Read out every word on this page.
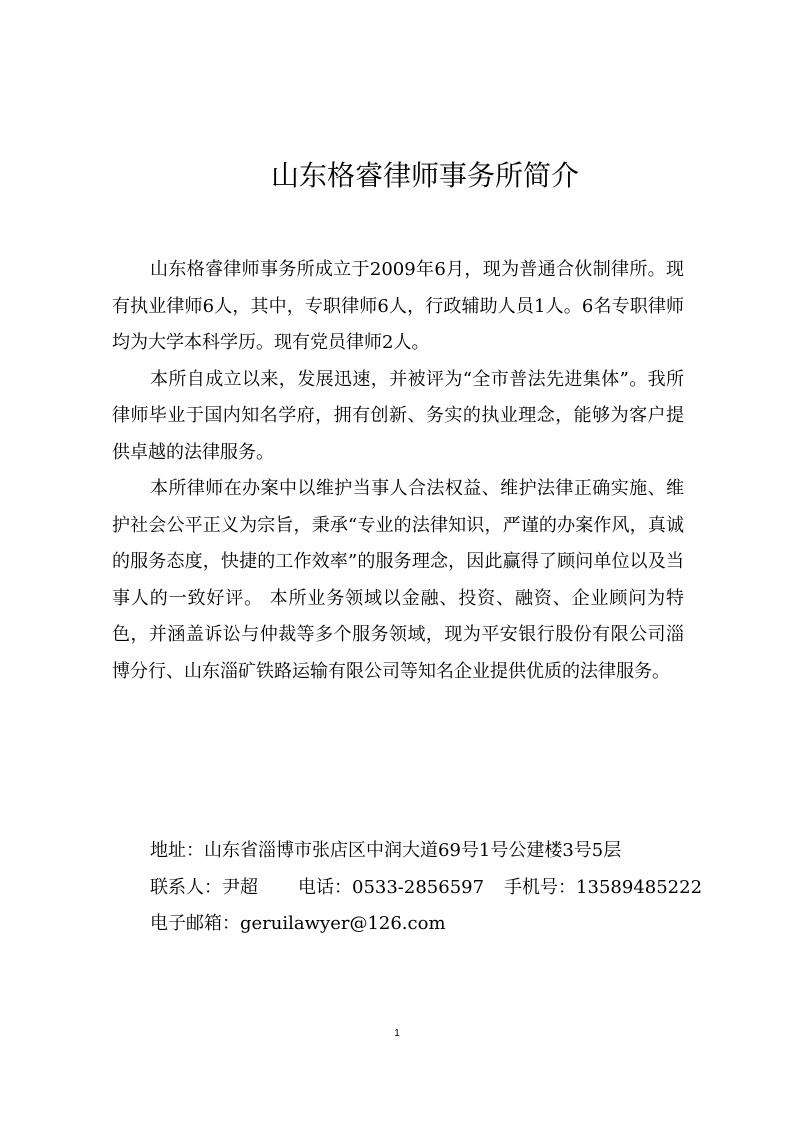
山东格睿律师事务所简介

山东格睿律师事务所成立于2009年6月，现为普通合伙制律所。现有执业律师6人，其中，专职律师6人，行政辅助人员1人。6名专职律师均为大学本科学历。现有党员律师2人。

本所自成立以来，发展迅速，并被评为“全市普法先进集体”。我所律师毕业于国内知名学府，拥有创新、务实的执业理念，能够为客户提供卓越的法律服务。

本所律师在办案中以维护当事人合法权益、维护法律正确实施、维护社会公平正义为宗旨，秉承“专业的法律知识，严谨的办案作风，真诚的服务态度，快捷的工作效率”的服务理念，因此赢得了顾问单位以及当事人的一致好评。 本所业务领域以金融、投资、融资、企业顾问为特色，并涵盖诉讼与仲裁等多个服务领域，现为平安银行股份有限公司淄博分行、山东淄矿铁路运输有限公司等知名企业提供优质的法律服务。

地址：山东省淄博市张店区中润大道69号1号公建楼3号5层

联系人：尹超 电话：0533-2856597 手机号：13589485222
电子邮箱：geruilawyer@126.com
1
